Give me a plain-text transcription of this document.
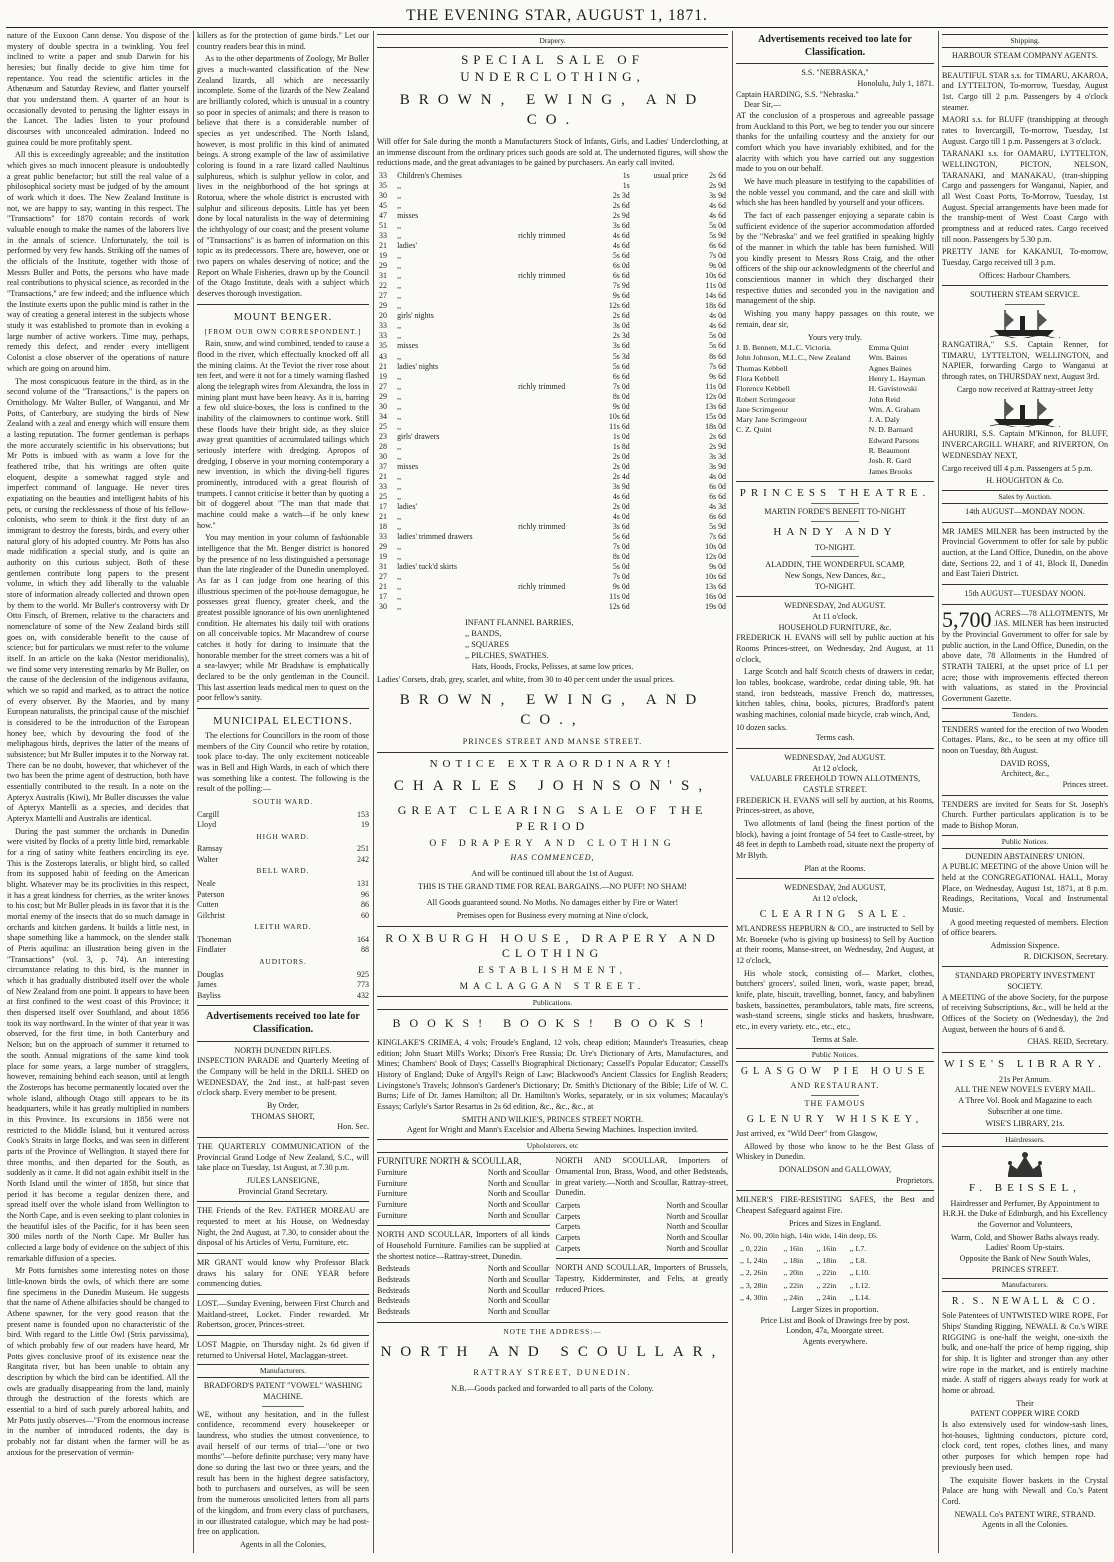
THE EVENING STAR, AUGUST 1, 1871.

nature of the Euxoon Cann dense. You dispose of the mystery of double spectra in a twinkling. You feel inclined to write a paper and snub Darwin for his heresies; but finally decide to give him time for repentance. You read the scientific articles in the Athenæum and Saturday Review, and flatter yourself that you understand them. A quarter of an hour is occasionally devoted to perusing the lighter essays in the Lancet. The ladies listen to your profound discourses with unconcealed admiration. Indeed no guinea could be more profitably spent.

All this is exceedingly agreeable; and the institution which gives so much innocent pleasure is undoubtedly a great public benefactor; but still the real value of a philosophical society must be judged of by the amount of work which it does. The New Zealand Institute is not, we are happy to say, wanting in this respect. The "Transactions" for 1870 contain records of work valuable enough to make the names of the laborers live in the annals of science. Unfortunately, the toil is performed by very few hands. Striking off the names of the officials of the Institute, together with those of Messrs Buller and Potts, the persons who have made real contributions to physical science, as recorded in the "Transactions," are few indeed; and the influence which the Institute exerts upon the public mind is rather in the way of creating a general interest in the subjects whose study it was established to promote than in evoking a large number of active workers. Time may, perhaps, remedy this defect, and render every intelligent Colonist a close observer of the operations of nature which are going on around him.

The most conspicuous feature in the third, as in the second volume of the "Transactions," is the papers on Ornithology. Mr Walter Buller, of Wanganui, and Mr Potts, of Canterbury, are studying the birds of New Zealand with a zeal and energy which will ensure them a lasting reputation. The former gentleman is perhaps the more accurately scientific in his observations; but Mr Potts is imbued with as warm a love for the feathered tribe, that his writings are often quite eloquent, despite a somewhat ragged style and imperfect command of language. He never tires expatiating on the beauties and intelligent habits of his pets, or cursing the recklessness of those of his fellow-colonists, who seem to think it the first duty of an immigrant to destroy the forests, birds, and every other natural glory of his adopted country. Mr Potts has also made nidification a special study, and is quite an authority on this curious subject. Both of these gentlemen contribute long papers to the present volume, in which they add liberally to the valuable store of information already collected and thrown open by them to the world. Mr Buller's controversy with Dr Otto Finsch, of Bremen, relative to the characters and nomenclature of some of the New Zealand birds still goes on, with considerable benefit to the cause of science; but for particulars we must refer to the volume itself. In an article on the kaka (Nestor meridionalis), we find some very interesting remarks by Mr Buller, on the cause of the declension of the indigenous avifauna, which we so rapid and marked, as to attract the notice of every observer. By the Maories, and by many European naturalists, the principal cause of the mischief is considered to be the introduction of the European honey bee, which by devouring the food of the meliphagous birds, deprives the latter of the means of subsistence; but Mr Buller imputes it to the Norway rat. There can be no doubt, however, that whichever of the two has been the prime agent of destruction, both have essentially contributed to the result. In a note on the Apteryx Australis (Kiwi), Mr Buller discusses the value of Apteryx Mantelli as a species, and decides that Apteryx Mantelli and Australis are identical.

During the past summer the orchards in Dunedin were visited by flocks of a pretty little bird, remarkable for a ring of satiny white feathers encircling its eye. This is the Zosterops lateralis, or blight bird, so called from its supposed habit of feeding on the American blight. Whatever may be its proclivities in this respect, it has a great kindness for cherries, as the writer knows to his cost; but Mr Buller pleads in its favor that it is the mortal enemy of the insects that do so much damage in orchards and kitchen gardens. It builds a little nest, in shape something like a hammock, on the slender stalk of Pteris aquilina: an illustration being given in the "Transactions" (vol. 3, p. 74). An interesting circumstance relating to this bird, is the manner in which it has gradually distributed itself over the whole of New Zealand from one point. It appears to have been at first confined to the west coast of this Province; it then dispersed itself over Southland, and about 1856 took its way northward. In the winter of that year it was observed, for the first time, in both Canterbury and Nelson; but on the approach of summer it returned to the south. Annual migrations of the same kind took place for some years, a large number of stragglers, however, remaining behind each season, until at length the Zosterops has become permanently located over the whole island, although Otago still appears to be its headquarters, while it has greatly multiplied in numbers in this Province. Its excursions in 1856 were not restricted to the Middle Island, but it ventured across Cook's Straits in large flocks, and was seen in different parts of the Province of Wellington. It stayed there for three months, and then departed for the South, as suddenly as it came. It did not again exhibit itself in the North Island until the winter of 1858, but since that period it has become a regular denizen there, and spread itself over the whole island from Wellington to the North Cape, and is even seeking to plant colonies in the beautiful isles of the Pacific, for it has been seen 300 miles north of the North Cape. Mr Buller has collected a large body of evidence on the subject of this remarkable diffusion of a species.

Mr Potts furnishes some interesting notes on those little-known birds the owls, of which there are some fine specimens in the Dunedin Museum. He suggests that the name of Athene albifacies should be changed to Athene spawner, for the very good reason that the present name is founded upon no characteristic of the bird. With regard to the Little Owl (Strix parvissima), of which probably few of our readers have heard, Mr Potts gives conclusive proof of its existence near the Rangitata river, but has been unable to obtain any description by which the bird can be identified. All the owls are gradually disappearing from the land, mainly through the destruction of the forests which are essential to a bird of such purely arboreal habits, and Mr Potts justly observes—"From the enormous increase in the number of introduced rodents, the day is probably not far distant when the farmer will be as anxious for the preservation of vermin-

killers as for the protection of game birds." Let our country readers bear this in mind.

As to the other departments of Zoology, Mr Buller gives a much-wanted classification of the New Zealand lizards, all which are necessarily incomplete. Some of the lizards of the New Zealand are brilliantly colored, which is unusual in a country so poor in species of animals; and there is reason to believe that there is a considerable number of species as yet undescribed. The North Island, however, is most prolific in this kind of animated beings. A strong example of the law of assimilative coloring is found in a rare lizard called Naultinus sulphureus, which is sulphur yellow in color, and lives in the neighborhood of the hot springs at Rotorua, where the whole district is encrusted with sulphur and siliceous deposits. Little has yet been done by local naturalists in the way of determining the ichthyology of our coast; and the present volume of "Transactions" is as barren of information on this topic as its predecessors. There are, however, one or two papers on whales deserving of notice; and the Report on Whale Fisheries, drawn up by the Council of the Otago Institute, deals with a subject which deserves thorough investigation.

MOUNT BENGER.
[FROM OUR OWN CORRESPONDENT.]

Rain, snow, and wind combined, tended to cause a flood in the river, which effectually knocked off all the mining claims. At the Teviot the river rose about ten feet, and were it not for a timely warning flashed along the telegraph wires from Alexandra, the loss in mining plant must have been heavy. As it is, barring a few old sluice-boxes, the loss is confined to the inability of the claimowners to continue work. Still these floods have their bright side, as they sluice away great quantities of accumulated tailings which seriously interfere with dredging. Apropos of dredging, I observe in your morning contemporary a new invention, in which the diving-bell figures prominently, introduced with a great flourish of trumpets. I cannot criticise it better than by quoting a bit of doggerel about "The man that made that machine could make a watch—if he only knew how."

You may mention in your column of fashionable intelligence that the Mt. Benger district is honored by the presence of no less distinguished a personage than the late ringleader of the Dunedin unemployed. As far as I can judge from one hearing of this illustrious specimen of the pot-house demagogue, he possesses great fluency, greater cheek, and the greatest possible ignorance of his own unenlightened condition. He alternates his daily toil with orations on all conceivable topics. Mr Macandrew of course catches it hotly for daring to insinuate that the honorable member for the street corners was a bit of a sea-lawyer; while Mr Bradshaw is emphatically declared to be the only gentleman in the Council. This last assertion leads medical men to quest on the poor fellow's sanity.

MUNICIPAL ELECTIONS.

The elections for Councillors in the room of those members of the City Council who retire by rotation, took place to-day. The only excitement noticeable was in Bell and High Wards, in each of which there was something like a contest. The following is the result of the polling:—

SOUTH WARD.
Cargill	153
Lloyd	19
HIGH WARD.
Ramsay	251
Walter	242
BELL WARD.
Neale	131
Paterson	96
Cutten	86
Gilchrist	60
LEITH WARD.
Thoneman	164
Findlater	88
AUDITORS.
Douglas	925
James	773
Bayliss	432
Advertisements received too late for Classification.
NORTH DUNEDIN RIFLES.

INSPECTION PARADE and Quarterly Meeting of the Company will be held in the DRILL SHED on WEDNESDAY, the 2nd inst., at half-past seven o'clock sharp. Every member to be present.

By Order,
THOMAS SHORT,
Hon. Sec.

THE QUARTERLY COMMUNICATION of the Provincial Grand Lodge of New Zealand, S.C., will take place on Tuesday, 1st August, at 7.30 p.m.

JULES LANSEIGNE,
Provincial Grand Secretary.

THE Friends of the Rev. FATHER MOREAU are requested to meet at his House, on Wednesday Night, the 2nd August, at 7.30, to consider about the disposal of his Articles of Vertu, Furniture, etc.

MR GRANT would know why Professor Black draws his salary for ONE YEAR before commencing duties.

LOST.—Sunday Evening, between First Church and Maitland-street, Locket. Finder rewarded. Mr Robertson, grocer, Princes-street.

LOST Magpie, on Thursday night. 2s 6d given if returned to Universal Hotel, Maclaggan-street.

Manufacturers.
BRADFORD'S PATENT "VOWEL" WASHING MACHINE.

WE, without any hesitation, and in the fullest confidence, recommend every housekeeper or laundress, who studies the utmost convenience, to avail herself of our terms of trial—"one or two months"—before definite purchase; very many have done so during the last two or three years, and the result has been in the highest degree satisfactory, both to purchasers and ourselves, as will be seen from the numerous unsolicited letters from all parts of the kingdom, and from every class of purchasers, in our illustrated catalogue, which may be had post-free on application.

Agents in all the Colonies,
Drapery.
SPECIAL SALE OF UNDERCLOTHING,
BROWN, EWING, AND CO.

Will offer for Sale during the month a Manufacturers Stock of Infants, Girls, and Ladies' Underclothing, at an immense discount from the ordinary prices such goods are sold at. The undernoted figures, will show the reductions made, and the great advantages to be gained by purchasers. An early call invited.

33	Children's Chemises		1s	usual price	2s 6d
35	,,		1s		2s 9d
30	,,		2s 3d		3s 9d
45	,,		2s 6d		4s 6d
47	misses		2s 9d		4s 6d
51	,,		3s 6d		5s 0d
33	,,	richly trimmed	4s 6d		5s 9d
21	ladies'		4s 6d		6s 6d
19	,,		5s 6d		7s 0d
29	,,		6s 0d		9s 0d
31	,,	richly trimmed	6s 6d		10s 6d
22	,,		7s 9d		11s 0d
27	,,		9s 6d		14s 6d
29	,,		12s 6d		18s 6d
20	girls' nights		2s 6d		4s 0d
33	,,		3s 0d		4s 6d
33	,,		2s 3d		5s 0d
35	misses		3s 6d		5s 6d
43	,,		5s 3d		8s 6d
21	ladies' nights		5s 6d		7s 6d
19	,,		6s 6d		9s 6d
27	,,	richly trimmed	7s 0d		11s 0d
29	,,		8s 0d		12s 0d
30	,,		9s 0d		13s 6d
34	,,		10s 6d		15s 0d
25	,,		11s 6d		18s 0d
23	girls' drawers		1s 0d		2s 6d
28	,,		1s 8d		2s 9d
30	,,		2s 0d		3s 3d
37	misses		2s 0d		3s 9d
21	,,		2s 4d		4s 0d
33	,,		3s 9d		6s 0d
25	,,		4s 6d		6s 6d
17	ladies'		2s 0d		4s 3d
21	,,		4s 0d		6s 6d
18	,,	richly trimmed	3s 6d		5s 9d
33	ladies' trimmed drawers		5s 6d		7s 6d
29	,,		7s 0d		10s 0d
19	,,		8s 0d		12s 0d
31	ladies' tuck'd skirts		5s 0d		9s 0d
27	,,		7s 0d		10s 6d
21	,,	richly trimmed	9s 0d		13s 6d
17	,,		11s 0d		16s 0d
30	,,		12s 6d		19s 0d
INFANT FLANNEL BARRIES,
,, BANDS,
,, SQUARES
,, PILCHES, SWATHES.

Hats, Hoods, Frocks, Pelisses, at same low prices.

Ladies' Corsets, drab, grey, scarlet, and white, from 30 to 40 per cent under the usual prices.

BROWN, EWING, AND CO.,
PRINCES STREET AND MANSE STREET.
NOTICE EXTRAORDINARY!
CHARLES JOHNSON'S,
GREAT CLEARING SALE OF THE PERIOD
OF DRAPERY AND CLOTHING
HAS COMMENCED,

And will be continued till about the 1st of August.

THIS IS THE GRAND TIME FOR REAL BARGAINS.—NO PUFF! NO SHAM!

All Goods guaranteed sound. No Moths. No damages either by Fire or Water!

Premises open for Business every morning at Nine o'clock,

ROXBURGH HOUSE, DRAPERY AND CLOTHING
ESTABLISHMENT,
MACLAGGAN STREET.
Publications.
BOOKS! BOOKS! BOOKS!

KINGLAKE'S CRIMEA, 4 vols; Froude's England, 12 vols, cheap edition; Maunder's Treasuries, cheap edition; John Stuart Mill's Works; Dixon's Free Russia; Dr. Ure's Dictionary of Arts, Manufactures, and Mines; Chambers' Book of Days; Cassell's Biographical Dictionary; Cassell's Popular Educator; Cassell's History of England; Duke of Argyll's Reign of Law; Blackwood's Ancient Classics for English Readers; Livingstone's Travels; Johnson's Gardener's Dictionary; Dr. Smith's Dictionary of the Bible; Life of W. C. Burns; Life of Dr. James Hamilton; all Dr. Hamilton's Works, separately, or in six volumes; Macaulay's Essays; Carlyle's Sartor Resartus in 2s 6d edition, &c., &c., &c., at

SMITH AND WILKIE'S, PRINCES STREET NORTH.
Agent for Wright and Mann's Excelsior and Alberta Sewing Machines. Inspection invited.
Upholsterers, etc
FURNITURE NORTH & SCOULLAR,
Furniture	North and Scoullar
Furniture	North and Scoullar
Furniture	North and Scoullar
Furniture	North and Scoullar
Furniture	North and Scoullar

NORTH AND SCOULLAR, Importers of all kinds of Household Furniture. Families can be supplied at the shortest notice—Rattray-street, Dunedin.

Bedsteads	North and Scoullar
Bedsteads	North and Scoullar
Bedsteads	North and Scoullar
Bedsteads	North and Scoullar
Bedsteads	North and Scoullar

NORTH AND SCOULLAR, Importers of Ornamental Iron, Brass, Wood, and other Bedsteads, in great variety.—North and Scoullar, Rattray-street, Dunedin.

Carpets	North and Scoullar
Carpets	North and Scoullar
Carpets	North and Scoullar
Carpets	North and Scoullar
Carpets	North and Scoullar

NORTH AND SCOULLAR, Importers of Brussels, Tapestry, Kidderminster, and Felts, at greatly reduced Prices.

NOTE THE ADDRESS:—
NORTH AND SCOULLAR,
RATTRAY STREET, DUNEDIN.
N.B.—Goods packed and forwarded to all parts of the Colony.
Advertisements received too late for Classification.
S.S. "NEBRASKA,"
Honolulu, July 1, 1871.
Captain HARDING, S.S. "Nebraska."
Dear Sir,—

AT the conclusion of a prosperous and agreeable passage from Auckland to this Port, we beg to tender you our sincere thanks for the unfailing courtesy and the anxiety for our comfort which you have invariably exhibited, and for the alacrity with which you have carried out any suggestion made to you on our behalf.

We have much pleasure in testifying to the capabilities of the noble vessel you command, and the care and skill with which she has been handled by yourself and your officers.

The fact of each passenger enjoying a separate cabin is sufficient evidence of the superior accommodation afforded by the "Nebraska" and we feel gratified in speaking highly of the manner in which the table has been furnished. Will you kindly present to Messrs Ross Craig, and the other officers of the ship our acknowledgments of the cheerful and conscientious manner in which they discharged their respective duties and seconded you in the navigation and management of the ship.

Wishing you many happy passages on this route, we remain, dear sir,

Yours very truly.
J. B. Bennett, M.L.C. Victoria.
John Johnson, M.L.C., New Zealand
Thomas Kebbell
Flora Kebbell
Florence Kebbell
Robert Scrimgeour
Jane Scrimgeour
Mary Jane Scrimgeour
C. Z. Quint

Emma Quint
Wm. Baines
Agnes Baines
Henry L. Hayman
H. Gavistowski
John Reid
Wm. A. Graham
J. A. Daly
N. D. Barnard
Edward Parsons
R. Beaumont
Josh. R. Gard
James Brooks
PRINCESS THEATRE.
MARTIN FORDE'S BENEFIT TO-NIGHT
HANDY ANDY
TO-NIGHT.
ALADDIN, THE WONDERFUL SCAMP,
New Songs, New Dances, &c.,
TO-NIGHT.
WEDNESDAY, 2nd AUGUST.
At 11 o'clock.
HOUSEHOLD FURNITURE, &c.

FREDERICK H. EVANS will sell by public auction at his Rooms Princes-street, on Wednesday, 2nd August, at 11 o'clock,

Large Scotch and half Scotch chests of drawers in cedar, loo tables, bookcase, wardrobe, cedar dining table, 9ft. hat stand, iron bedsteads, massive French do, mattresses, kitchen tables, china, books, pictures, Bradford's patent washing machines, colonial made bicycle, crab winch, And,

10 dozen sacks.
Terms cash.
WEDNESDAY, 2nd AUGUST.
At 12 o'clock,
VALUABLE FREEHOLD TOWN ALLOTMENTS, CASTLE STREET.

FREDERICK H. EVANS will sell by auction, at his Rooms, Princes-street, as above,

Two allotments of land (being the finest portion of the block), having a joint frontage of 54 feet to Castle-street, by 48 feet in depth to Lambeth road, situate next the property of Mr Blyth.

Plan at the Rooms.
WEDNESDAY, 2nd AUGUST,
At 12 o'clock,
CLEARING SALE.

M'LANDRESS HEPBURN & CO., are instructed to Sell by Mr. Boeneke (who is giving up business) to Sell by Auction at their rooms, Manse-street, on Wednesday, 2nd August, at 12 o'clock,

His whole stock, consisting of— Market, clothes, butchers' grocers', soiled linen, work, waste paper, bread, knife, plate, biscuit, travelling, bonnet, fancy, and babylinen baskets, bassinettes, perambulators, table mats, fire screens, wash-stand screens, single sticks and baskets, brushware, etc., in every variety. etc., etc., etc.,

Terms at Sale.
Public Notices.
GLASGOW PIE HOUSE
AND RESTAURANT.
THE FAMOUS
GLENURY WHISKEY,

Just arrived, ex "Wild Deer" from Glasgow,

Allowed by those who know to be the Best Glass of Whiskey in Dunedin.

DONALDSON and GALLOWAY,
Proprietors.

MILNER'S FIRE-RESISTING SAFES, the Best and Cheapest Safeguard against Fire.

Prices and Sizes in England.
No. 00, 20in high, 14in wide, 14in deep, £6.			
,, 0, 22in	,, 16in	,, 16in	,, L7.
,, 1, 24in	,, 18in	,, 18in	,, L8.
,, 2, 26in	,, 20in	,, 22in	,, L10.
,, 3, 28in	,, 22in	,, 22in	,, L12.
,, 4, 30in	,, 24in	,, 24in	,, L14.
Larger Sizes in proportion.
Price List and Book of Drawings free by post.
London, 47a, Moorgate street.
Agents everywhere.
Shipping.
HARBOUR STEAM COMPANY AGENTS.

BEAUTIFUL STAR s.s. for TIMARU, AKAROA, and LYTTELTON, To-morrow, Tuesday, August 1st. Cargo till 2 p.m. Passengers by 4 o'clock steamer.

MAORI s.s. for BLUFF (transhipping at through rates to Invercargill, To-morrow, Tuesday, 1st August. Cargo till 1 p.m. Passengers at 3 o'clock.

TARANAKI s.s. for OAMARU, LYTTELTON, WELLINGTON, PICTON, NELSON, TARANAKI, and MANAKAU, (tran-shipping Cargo and passengers for Wanganui, Napier, and all West Coast Ports, To-Morrow, Tuesday, 1st August. Special arrangements have been made for the tranship-ment of West Coast Cargo with promptness and at reduced rates. Cargo received till noon. Passengers by 5.30 p.m.

PRETTY JANE for KAKANUI, To-morrow, Tuesday. Cargo received till 3 p.m.

Offices: Harbour Chambers.
SOUTHERN STEAM SERVICE.

RANGATIRA," S.S. Captain Renner, for TIMARU, LYTTELTON, WELLINGTON, and NAPIER, forwarding Cargo to Wanganui at through rates, on THURSDAY next, August 3rd.

Cargo now received at Rattray-street Jetty

AHURIRI, S.S. Captain M'Kinnon, for BLUFF, INVERCARGILL WHARF, and RIVERTON, On WEDNESDAY NEXT,

Cargo received till 4 p.m. Passengers at 5 p.m.

H. HOUGHTON & Co.
Sales by Auction.
14th AUGUST—MONDAY NOON.

MR JAMES MILNER has been instructed by the Provincial Government to offer for sale by public auction, at the Land Office, Dunedin, on the above date, Sections 22, and 1 of 41, Block II, Dunedin and East Taieri District.

15th AUGUST—TUESDAY NOON.

5,700 ACRES—78 ALLOTMENTS, Mr JAS. MILNER has been instructed by the Provincial Government to offer for sale by public auction, in the Land Office, Dunedin, on the above date, 78 Allotments in the Hundred of STRATH TAIERI, at the upset price of L1 per acre; those with improvements effected thereon with valuations, as stated in the Provincial Government Gazette.

Tenders.

TENDERS wanted for the erection of two Wooden Cottages. Plans, &c., to be seen at my office till noon on Tuesday, 8th August.

DAVID ROSS,
Architect, &c.,
Princes street.

TENDERS are invited for Seats for St. Joseph's Church. Further particulars application is to be made to Bishop Moran.

Public Notices.
DUNEDIN ABSTAINERS' UNION.

A PUBLIC MEETING of the above Union will be held at the CONGREGATIONAL HALL, Moray Place, on Wednesday, August 1st, 1871, at 8 p.m. Readings, Recitations, Vocal and Instrumental Music.

A good meeting requested of members. Election of office bearers.

Admission Sixpence.
R. DICKISON, Secretary.
STANDARD PROPERTY INVESTMENT SOCIETY.

A MEETING of the above Society, for the purpose of receiving Subscriptions, &c., will be held at the Offices of the Society on (Wednesday), the 2nd August, between the hours of 6 and 8.

CHAS. REID, Secretary.
WISE'S LIBRARY.
21s Per Annum.
ALL THE NEW NOVELS EVERY MAIL.

A Three Vol. Book and Magazine to each Subscriber at one time.

WISE'S LIBRARY, 21s.
Hairdressers.
F. BEISSEL,

Hairdresser and Perfumer, By Appointment to H.R.H. the Duke of Edinburgh, and his Excellency the Governor and Volunteers,

Warm, Cold, and Shower Baths always ready.
Ladies' Room Up-stairs.
Opposite the Bank of New South Wales,
PRINCES STREET.
Manufacturers.
R. S. NEWALL & CO.

Sole Patentees of UNTWISTED WIRE ROPE, For Ships' Standing Rigging, NEWALL & Co.'s WIRE RIGGING is one-half the weight, one-sixth the bulk, and one-half the price of hemp rigging, ship for ship. It is lighter and stronger than any other wire rope in the market, and is entirely machine made. A staff of riggers always ready for work at home or abroad.

Their
PATENT COPPER WIRE CORD

Is also extensively used for window-sash lines, hot-houses, lightning conductors, picture cord, clock cord, tent ropes, clothes lines, and many other purposes for which hempen rope had previously been used.

The exquisite flower baskets in the Crystal Palace are hung with Newall and Co.'s Patent Cord.

NEWALL Co's PATENT WIRE, STRAND.
Agents in all the Colonies.
